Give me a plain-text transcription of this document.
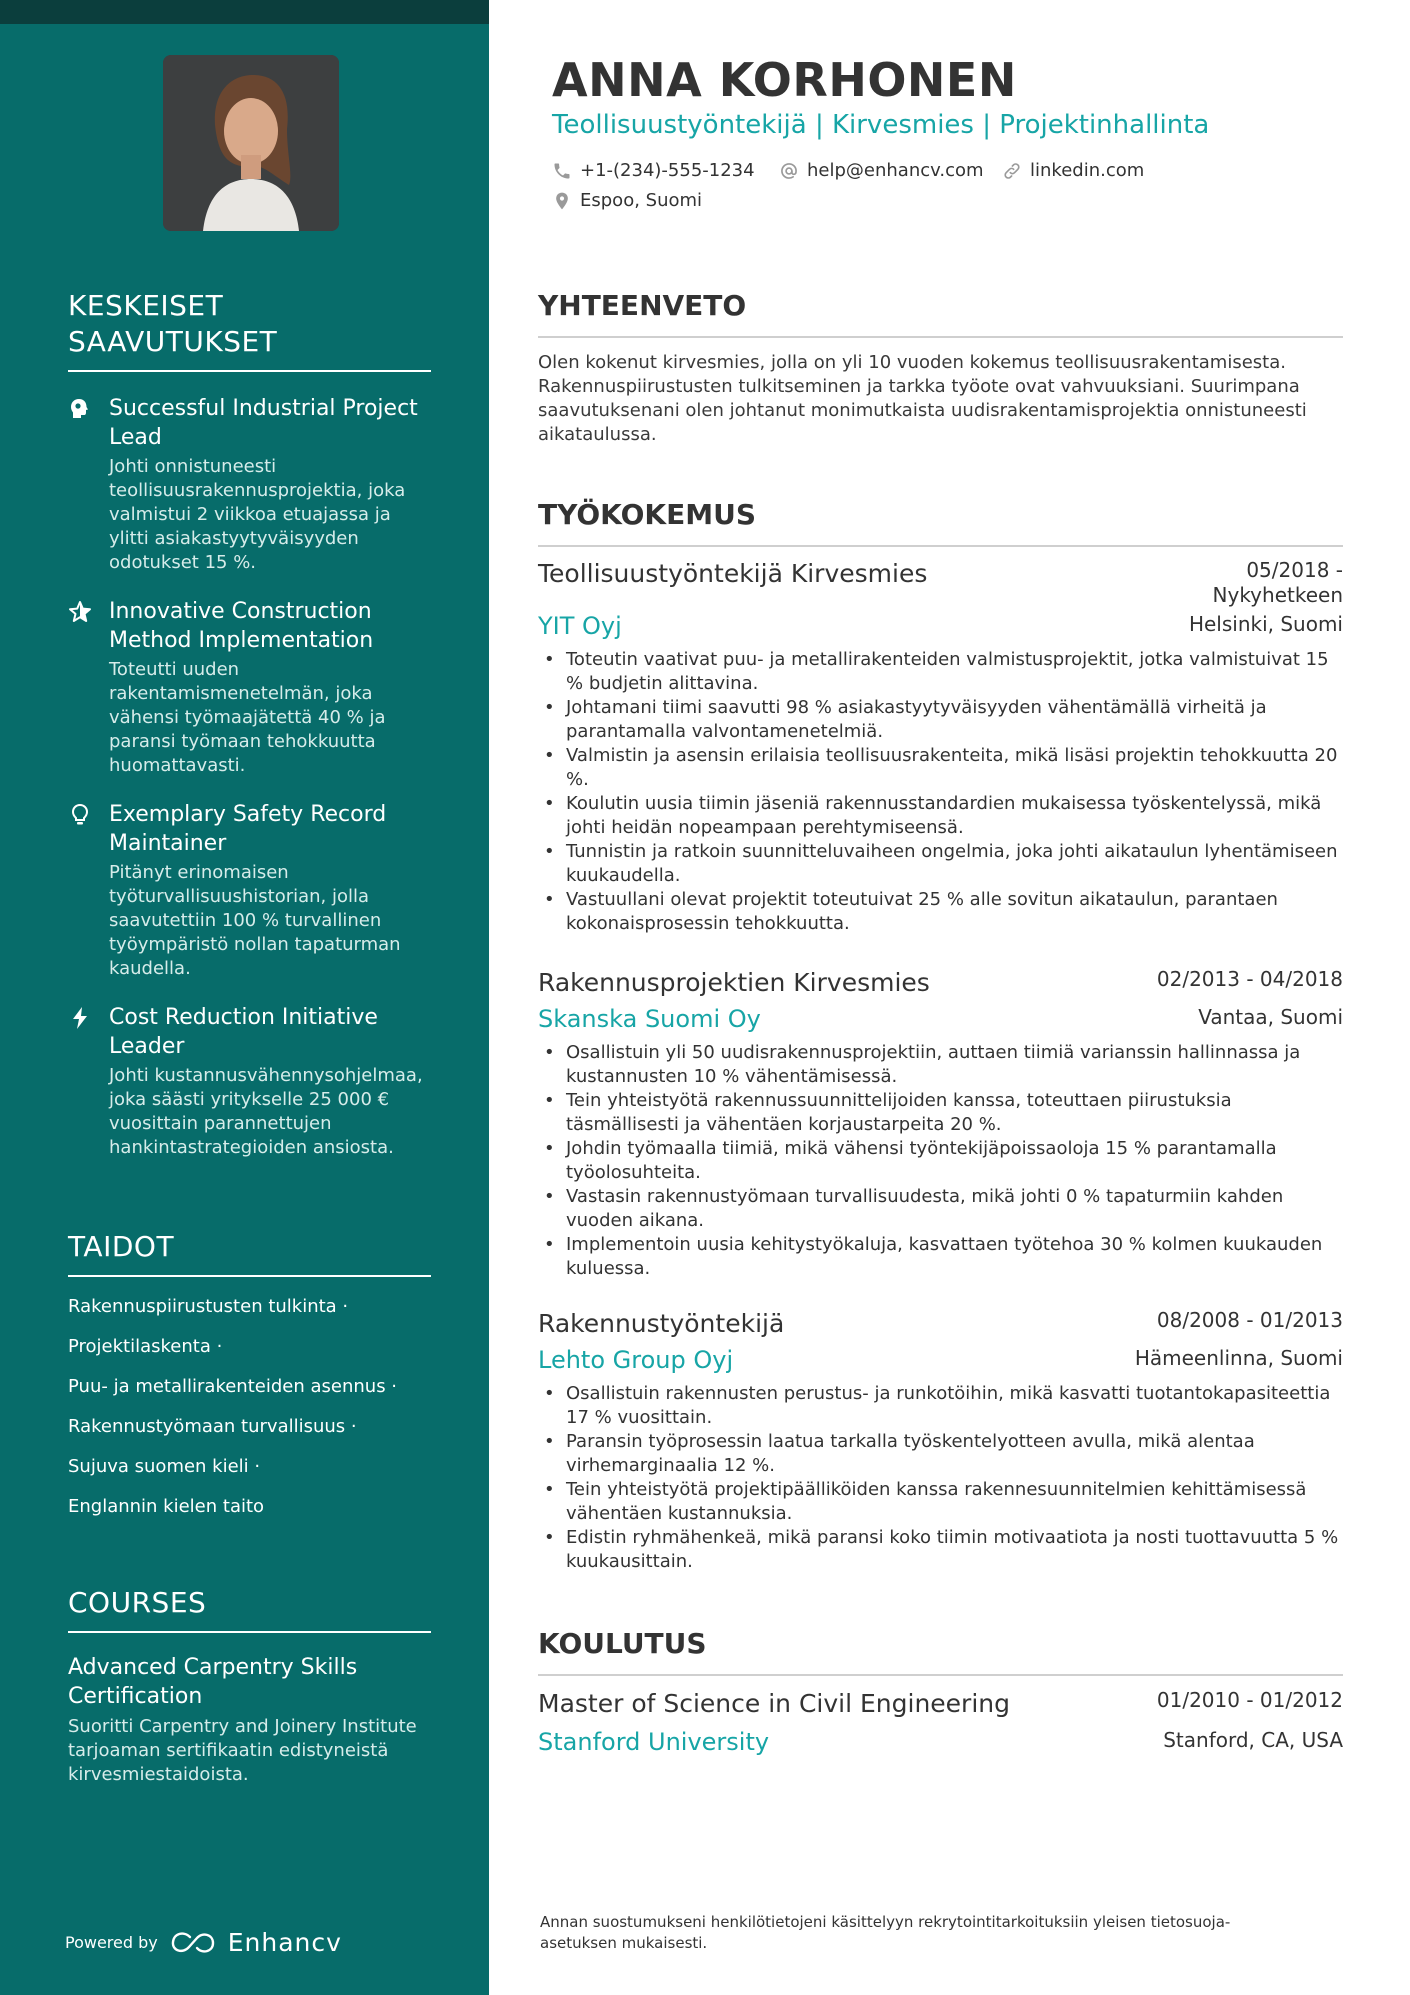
KESKEISET SAAVUTUKSET
Successful Industrial Project Lead
Johti onnistuneesti teollisuusrakennusprojektia, joka valmistui 2 viikkoa etuajassa ja ylitti asiakastyytyväisyyden odotukset 15 %.
Innovative Construction Method Implementation
Toteutti uuden rakentamismenetelmän, joka vähensi työmaajätettä 40 % ja paransi työmaan tehokkuutta huomattavasti.
Exemplary Safety Record Maintainer
Pitänyt erinomaisen työturvallisuushistorian, jolla saavutettiin 100 % turvallinen työympäristö nollan tapaturman kaudella.
Cost Reduction Initiative Leader
Johti kustannusvähennysohjelmaa, joka säästi yritykselle 25 000 € vuosittain parannettujen hankintastrategioiden ansiosta.
TAIDOT
Rakennuspiirustusten tulkinta ·
Projektilaskenta ·
Puu- ja metallirakenteiden asennus ·
Rakennustyömaan turvallisuus ·
Sujuva suomen kieli ·
Englannin kielen taito
COURSES
Advanced Carpentry Skills Certification
Suoritti Carpentry and Joinery Institute tarjoaman sertifikaatin edistyneistä kirvesmiestaidoista.
Powered by	Enhancv
ANNA KORHONEN
Teollisuustyöntekijä | Kirvesmies | Projektinhallinta
+1-(234)-555-1234	help@enhancv.com	linkedin.com
Espoo, Suomi
YHTEENVETO

Olen kokenut kirvesmies, jolla on yli 10 vuoden kokemus teollisuusrakentamisesta. Rakennuspiirustusten tulkitseminen ja tarkka työote ovat vahvuuksiani. Suurimpana saavutuksenani olen johtanut monimutkaista uudisrakentamisprojektia onnistuneesti aikataulussa.

TYÖKOKEMUS
Teollisuustyöntekijä Kirvesmies	05/2018 - Nykyhetkeen
YIT Oyj	Helsinki, Suomi
• Toteutin vaativat puu- ja metallirakenteiden valmistusprojektit, jotka valmistuivat 15 % budjetin alittavina.
• Johtamani tiimi saavutti 98 % asiakastyytyväisyyden vähentämällä virheitä ja parantamalla valvontamenetelmiä.
• Valmistin ja asensin erilaisia teollisuusrakenteita, mikä lisäsi projektin tehokkuutta 20 %.
• Koulutin uusia tiimin jäseniä rakennusstandardien mukaisessa työskentelyssä, mikä johti heidän nopeampaan perehtymiseensä.
• Tunnistin ja ratkoin suunnitteluvaiheen ongelmia, joka johti aikataulun lyhentämiseen kuukaudella.
• Vastuullani olevat projektit toteutuivat 25 % alle sovitun aikataulun, parantaen kokonaisprosessin tehokkuutta.
Rakennusprojektien Kirvesmies	02/2013 - 04/2018
Skanska Suomi Oy	Vantaa, Suomi
• Osallistuin yli 50 uudisrakennusprojektiin, auttaen tiimiä varianssin hallinnassa ja kustannusten 10 % vähentämisessä.
• Tein yhteistyötä rakennussuunnittelijoiden kanssa, toteuttaen piirustuksia täsmällisesti ja vähentäen korjaustarpeita 20 %.
• Johdin työmaalla tiimiä, mikä vähensi työntekijäpoissaoloja 15 % parantamalla työolosuhteita.
• Vastasin rakennustyömaan turvallisuudesta, mikä johti 0 % tapaturmiin kahden vuoden aikana.
• Implementoin uusia kehitystyökaluja, kasvattaen työtehoa 30 % kolmen kuukauden kuluessa.
Rakennustyöntekijä	08/2008 - 01/2013
Lehto Group Oyj	Hämeenlinna, Suomi
• Osallistuin rakennusten perustus- ja runkotöihin, mikä kasvatti tuotantokapasiteettia 17 % vuosittain.
• Paransin työprosessin laatua tarkalla työskentelyotteen avulla, mikä alentaa virhemarginaalia 12 %.
• Tein yhteistyötä projektipäälliköiden kanssa rakennesuunnitelmien kehittämisessä vähentäen kustannuksia.
• Edistin ryhmähenkeä, mikä paransi koko tiimin motivaatiota ja nosti tuottavuutta 5 % kuukausittain.
KOULUTUS
Master of Science in Civil Engineering	01/2010 - 01/2012
Stanford University	Stanford, CA, USA
Annan suostumukseni henkilötietojeni käsittelyyn rekrytointitarkoituksiin yleisen tietosuoja-asetuksen mukaisesti.
